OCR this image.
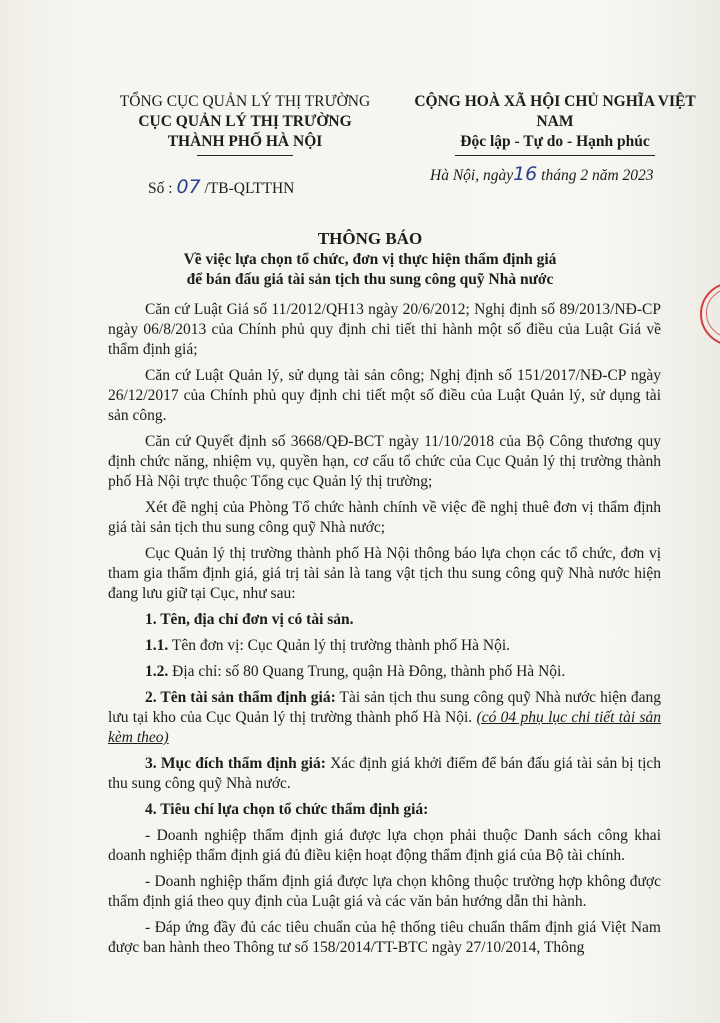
TỔNG CỤC QUẢN LÝ THỊ TRƯỜNG
CỤC QUẢN LÝ THỊ TRƯỜNG
THÀNH PHỐ HÀ NỘI
CỘNG HOÀ XÃ HỘI CHỦ NGHĨA VIỆT NAM
Độc lập - Tự do - Hạnh phúc
Số : 07 /TB-QLTTHN
Hà Nội, ngày16 tháng 2 năm 2023
THÔNG BÁO
Về việc lựa chọn tổ chức, đơn vị thực hiện thẩm định giá
để bán đấu giá tài sản tịch thu sung công quỹ Nhà nước

Căn cứ Luật Giá số 11/2012/QH13 ngày 20/6/2012; Nghị định số 89/2013/NĐ-CP ngày 06/8/2013 của Chính phủ quy định chi tiết thi hành một số điều của Luật Giá về thẩm định giá;

Căn cứ Luật Quản lý, sử dụng tài sản công; Nghị định số 151/2017/NĐ-CP ngày 26/12/2017 của Chính phủ quy định chi tiết một số điều của Luật Quản lý, sử dụng tài sản công.

Căn cứ Quyết định số 3668/QĐ-BCT ngày 11/10/2018 của Bộ Công thương quy định chức năng, nhiệm vụ, quyền hạn, cơ cấu tổ chức của Cục Quản lý thị trường thành phố Hà Nội trực thuộc Tổng cục Quản lý thị trường;

Xét đề nghị của Phòng Tổ chức hành chính về việc đề nghị thuê đơn vị thẩm định giá tài sản tịch thu sung công quỹ Nhà nước;

Cục Quản lý thị trường thành phố Hà Nội thông báo lựa chọn các tổ chức, đơn vị tham gia thẩm định giá, giá trị tài sản là tang vật tịch thu sung công quỹ Nhà nước hiện đang lưu giữ tại Cục, như sau:

1. Tên, địa chỉ đơn vị có tài sản.

1.1. Tên đơn vị: Cục Quản lý thị trường thành phố Hà Nội.

1.2. Địa chỉ: số 80 Quang Trung, quận Hà Đông, thành phố Hà Nội.

2. Tên tài sản thẩm định giá: Tài sản tịch thu sung công quỹ Nhà nước hiện đang lưu tại kho của Cục Quản lý thị trường thành phố Hà Nội. (có 04 phụ lục chi tiết tài sản kèm theo)

3. Mục đích thẩm định giá: Xác định giá khởi điểm để bán đấu giá tài sản bị tịch thu sung công quỹ Nhà nước.

4. Tiêu chí lựa chọn tổ chức thẩm định giá:

- Doanh nghiệp thẩm định giá được lựa chọn phải thuộc Danh sách công khai doanh nghiệp thẩm định giá đủ điều kiện hoạt động thẩm định giá của Bộ tài chính.

- Doanh nghiệp thẩm định giá được lựa chọn không thuộc trường hợp không được thẩm định giá theo quy định của Luật giá và các văn bản hướng dẫn thi hành.

- Đáp ứng đầy đủ các tiêu chuẩn của hệ thống tiêu chuẩn thẩm định giá Việt Nam được ban hành theo Thông tư số 158/2014/TT-BTC ngày 27/10/2014, Thông
